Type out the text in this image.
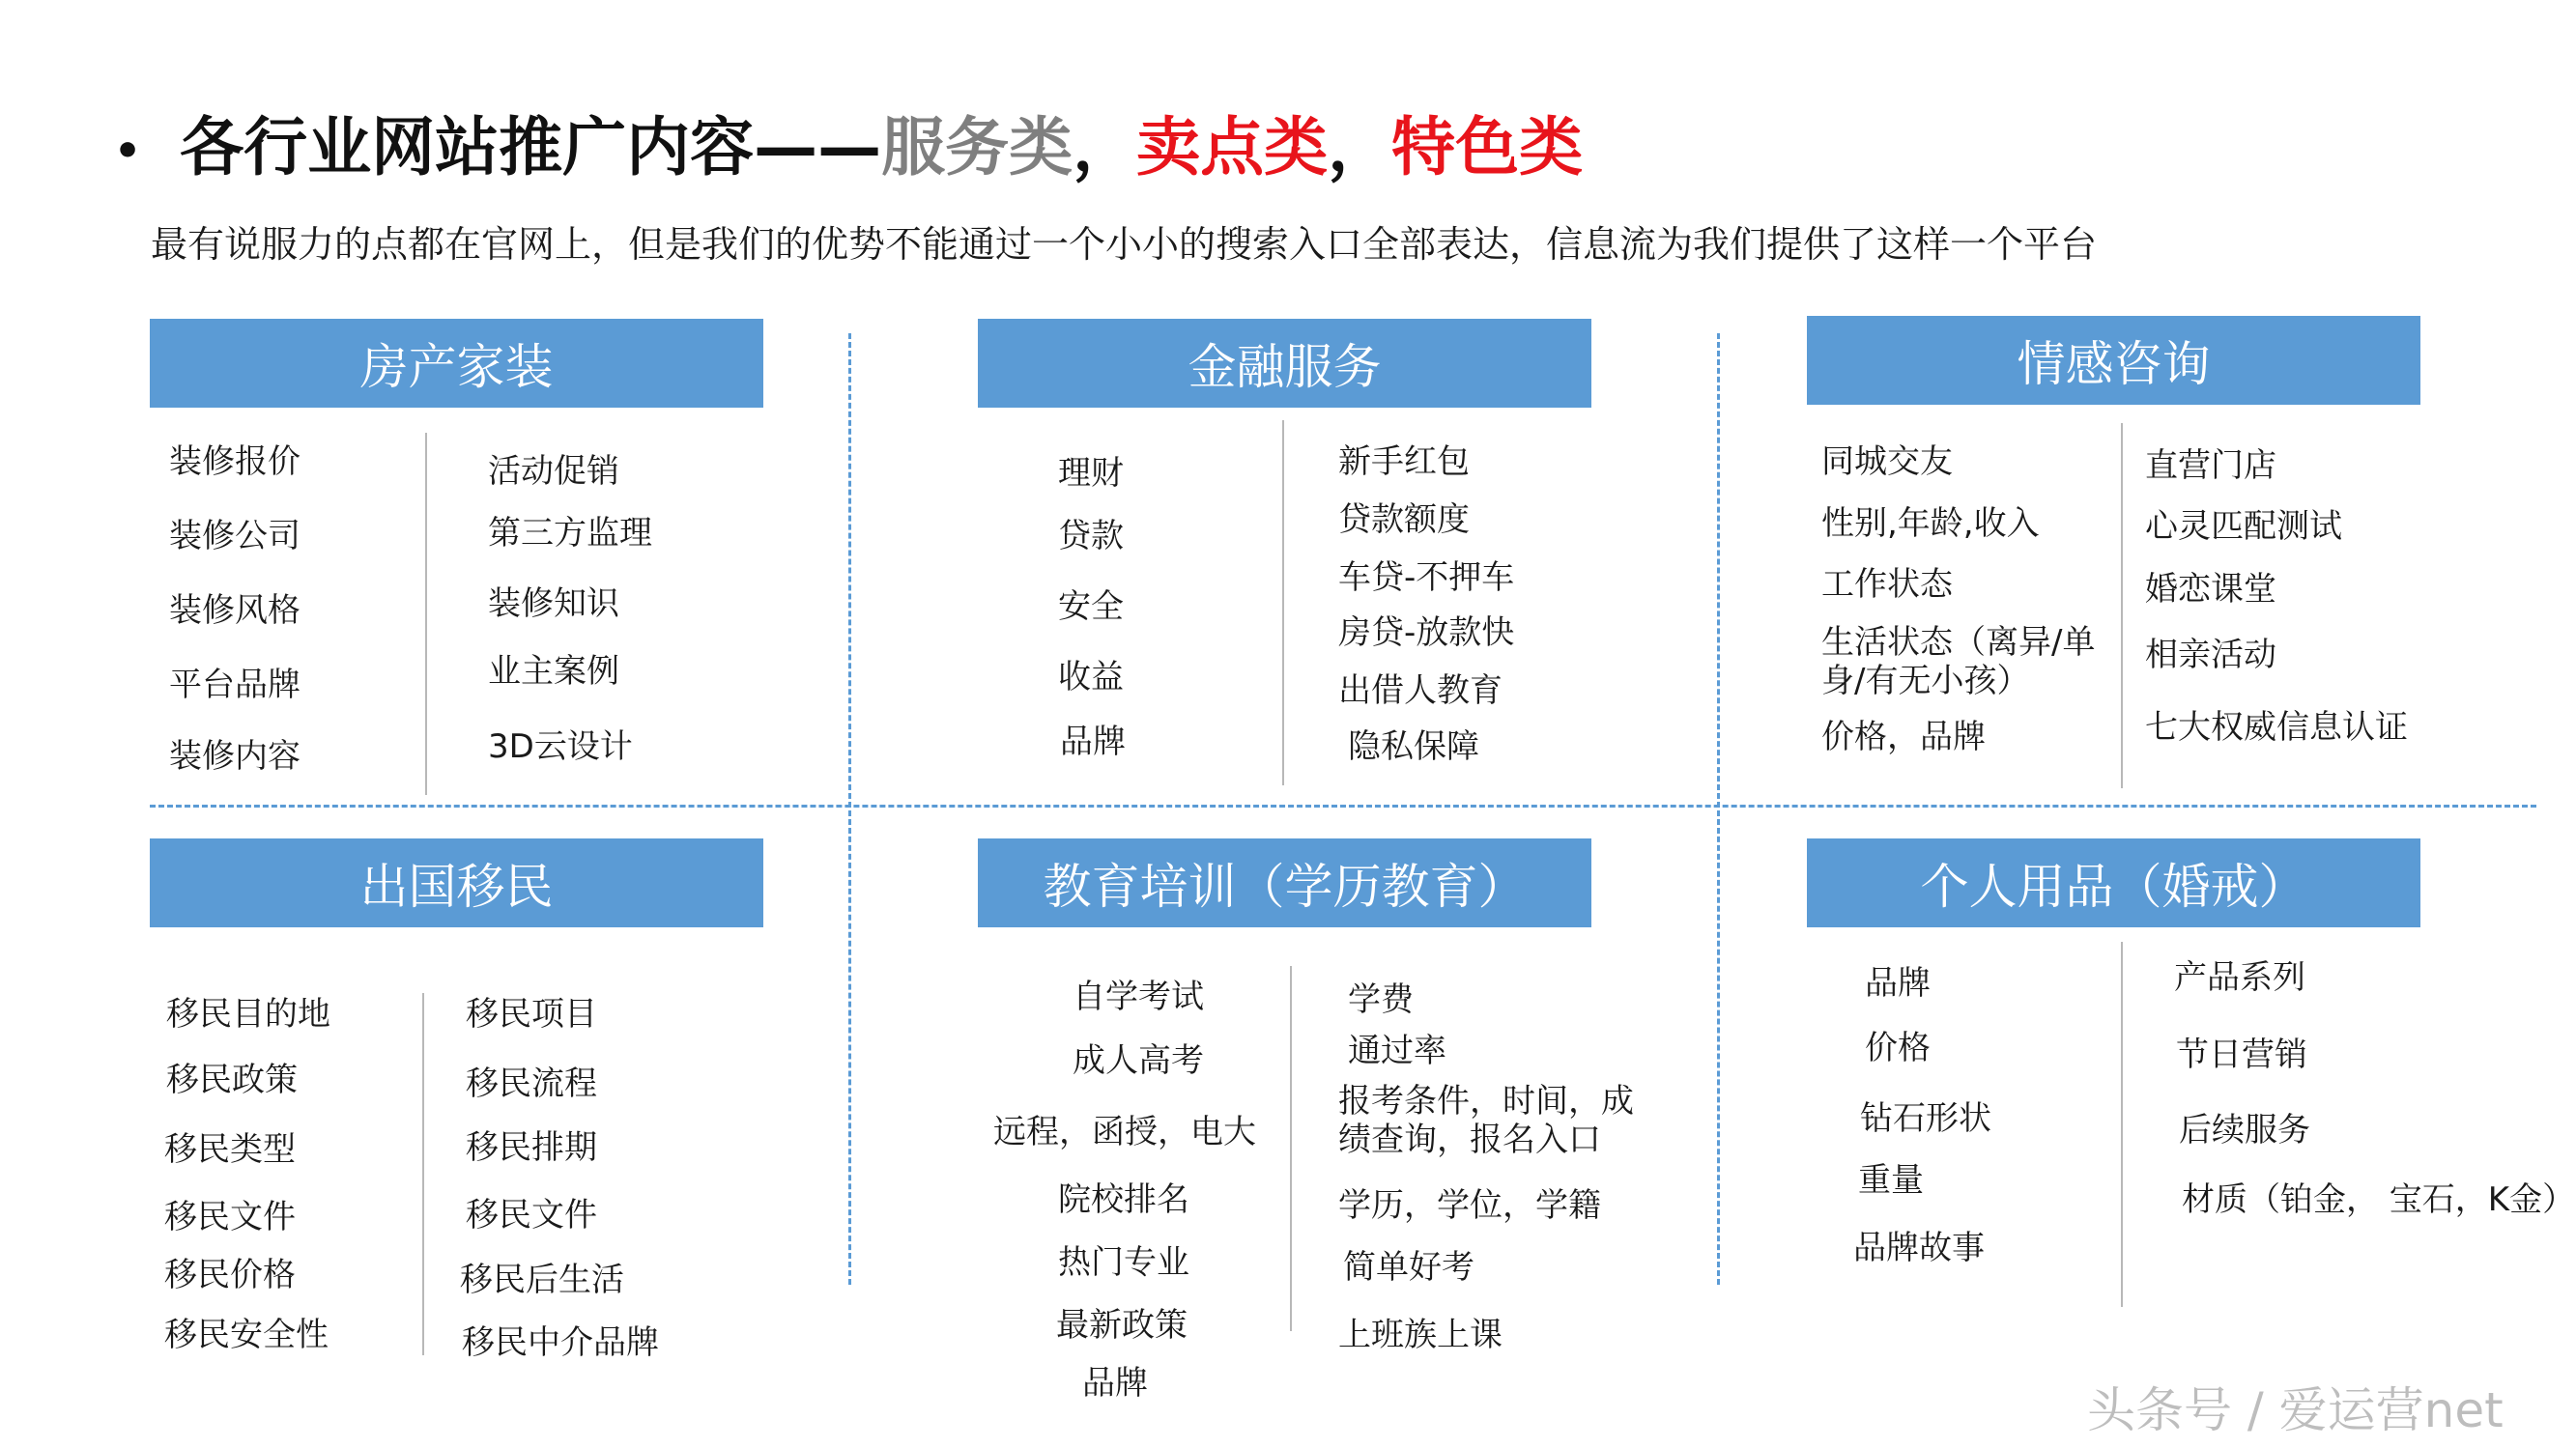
• 各行业网站推广内容——服务类，卖点类，特色类
最有说服力的点都在官网上，但是我们的优势不能通过一个小小的搜索入口全部表达，信息流为我们提供了这样一个平台
房产家装
装修报价
装修公司
装修风格
平台品牌
装修内容
活动促销
第三方监理
装修知识
业主案例
3D云设计
金融服务
理财
贷款
安全
收益
品牌
新手红包
贷款额度
车贷-不押车
房贷-放款快
出借人教育
隐私保障
情感咨询
同城交友
性别,年龄,收入
工作状态
生活状态（离异/单身/有无小孩）
价格，品牌
直营门店
心灵匹配测试
婚恋课堂
相亲活动
七大权威信息认证
出国移民
移民目的地
移民政策
移民类型
移民文件
移民价格
移民安全性
移民项目
移民流程
移民排期
移民文件
移民后生活
移民中介品牌
教育培训（学历教育）
自学考试
成人高考
远程，函授，电大
院校排名
热门专业
最新政策
品牌
学费
通过率
报考条件，时间，成绩查询，报名入口
学历，学位，学籍
简单好考
上班族上课
个人用品（婚戒）
品牌
价格
钻石形状
重量
品牌故事
产品系列
节日营销
后续服务
材质（铂金， 宝石，K金）
头条号 / 爱运营net
